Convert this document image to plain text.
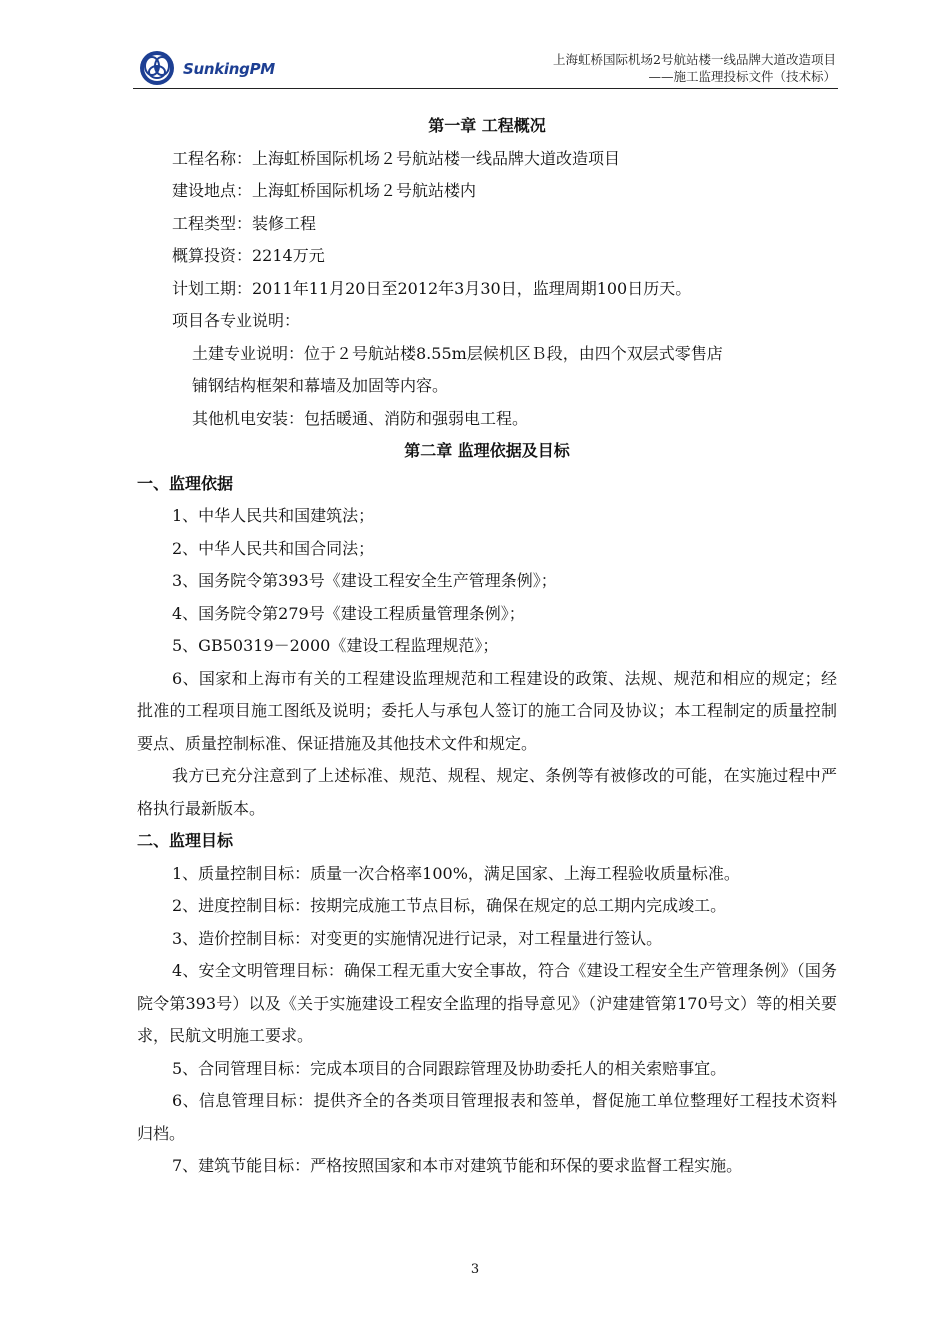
SunkingPM
上海虹桥国际机场2号航站楼一线品牌大道改造项目
——施工监理投标文件（技术标）
第一章 工程概况

工程名称：上海虹桥国际机场２号航站楼一线品牌大道改造项目

建设地点：上海虹桥国际机场２号航站楼内

工程类型：装修工程

概算投资：2214万元

计划工期：2011年11月20日至2012年3月30日，监理周期100日历天。

项目各专业说明：

土建专业说明：位于２号航站楼8.55m层候机区Ｂ段，由四个双层式零售店

铺钢结构框架和幕墙及加固等内容。

其他机电安装：包括暖通、消防和强弱电工程。

第二章 监理依据及目标
一、监理依据

1、中华人民共和国建筑法；

2、中华人民共和国合同法；

3、国务院令第393号《建设工程安全生产管理条例》；

4、国务院令第279号《建设工程质量管理条例》；

5、GB50319－2000《建设工程监理规范》；

6、国家和上海市有关的工程建设监理规范和工程建设的政策、法规、规范和相应的规定；经批准的工程项目施工图纸及说明；委托人与承包人签订的施工合同及协议；本工程制定的质量控制要点、质量控制标准、保证措施及其他技术文件和规定。

我方已充分注意到了上述标准、规范、规程、规定、条例等有被修改的可能，在实施过程中严格执行最新版本。

二、监理目标

1、质量控制目标：质量一次合格率100%，满足国家、上海工程验收质量标准。

2、进度控制目标：按期完成施工节点目标，确保在规定的总工期内完成竣工。

3、造价控制目标：对变更的实施情况进行记录，对工程量进行签认。

4、安全文明管理目标：确保工程无重大安全事故，符合《建设工程安全生产管理条例》（国务院令第393号）以及《关于实施建设工程安全监理的指导意见》（沪建建管第170号文）等的相关要求，民航文明施工要求。

5、合同管理目标：完成本项目的合同跟踪管理及协助委托人的相关索赔事宜。

6、信息管理目标：提供齐全的各类项目管理报表和签单，督促施工单位整理好工程技术资料归档。

7、建筑节能目标：严格按照国家和本市对建筑节能和环保的要求监督工程实施。

3
